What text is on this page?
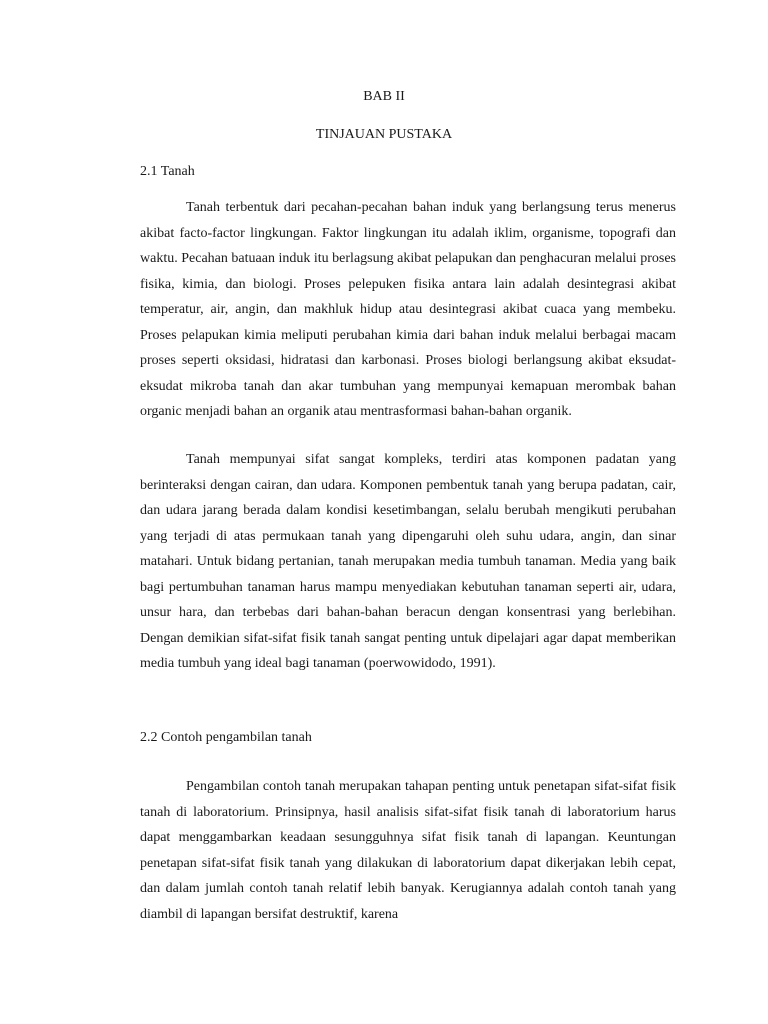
BAB II
TINJAUAN PUSTAKA
2.1 Tanah

Tanah terbentuk dari pecahan-pecahan bahan induk yang berlangsung terus menerus akibat facto-factor lingkungan. Faktor lingkungan itu adalah iklim, organisme, topografi dan waktu. Pecahan batuaan induk itu berlagsung akibat pelapukan dan penghacuran melalui proses fisika, kimia, dan biologi. Proses pelepuken fisika antara lain adalah desintegrasi akibat temperatur, air, angin, dan makhluk hidup atau desintegrasi akibat cuaca yang membeku. Proses pelapukan kimia meliputi perubahan kimia dari bahan induk melalui berbagai macam proses seperti oksidasi, hidratasi dan karbonasi. Proses biologi berlangsung akibat eksudat-eksudat mikroba tanah dan akar tumbuhan yang mempunyai kemapuan merombak bahan organic menjadi bahan an organik atau mentrasformasi bahan-bahan organik.

Tanah mempunyai sifat sangat kompleks, terdiri atas komponen padatan yang berinteraksi dengan cairan, dan udara. Komponen pembentuk tanah yang berupa padatan, cair, dan udara jarang berada dalam kondisi kesetimbangan, selalu berubah mengikuti perubahan yang terjadi di atas permukaan tanah yang dipengaruhi oleh suhu udara, angin, dan sinar matahari. Untuk bidang pertanian, tanah merupakan media tumbuh tanaman. Media yang baik bagi pertumbuhan tanaman harus mampu menyediakan kebutuhan tanaman seperti air, udara, unsur hara, dan terbebas dari bahan-bahan beracun dengan konsentrasi yang berlebihan. Dengan demikian sifat-sifat fisik tanah sangat penting untuk dipelajari agar dapat memberikan media tumbuh yang ideal bagi tanaman (poerwowidodo, 1991).

2.2 Contoh pengambilan tanah

Pengambilan contoh tanah merupakan tahapan penting untuk penetapan sifat-sifat fisik tanah di laboratorium. Prinsipnya, hasil analisis sifat-sifat fisik tanah di laboratorium harus dapat menggambarkan keadaan sesungguhnya sifat fisik tanah di lapangan. Keuntungan penetapan sifat-sifat fisik tanah yang dilakukan di laboratorium dapat dikerjakan lebih cepat, dan dalam jumlah contoh tanah relatif lebih banyak. Kerugiannya adalah contoh tanah yang diambil di lapangan bersifat destruktif, karena
